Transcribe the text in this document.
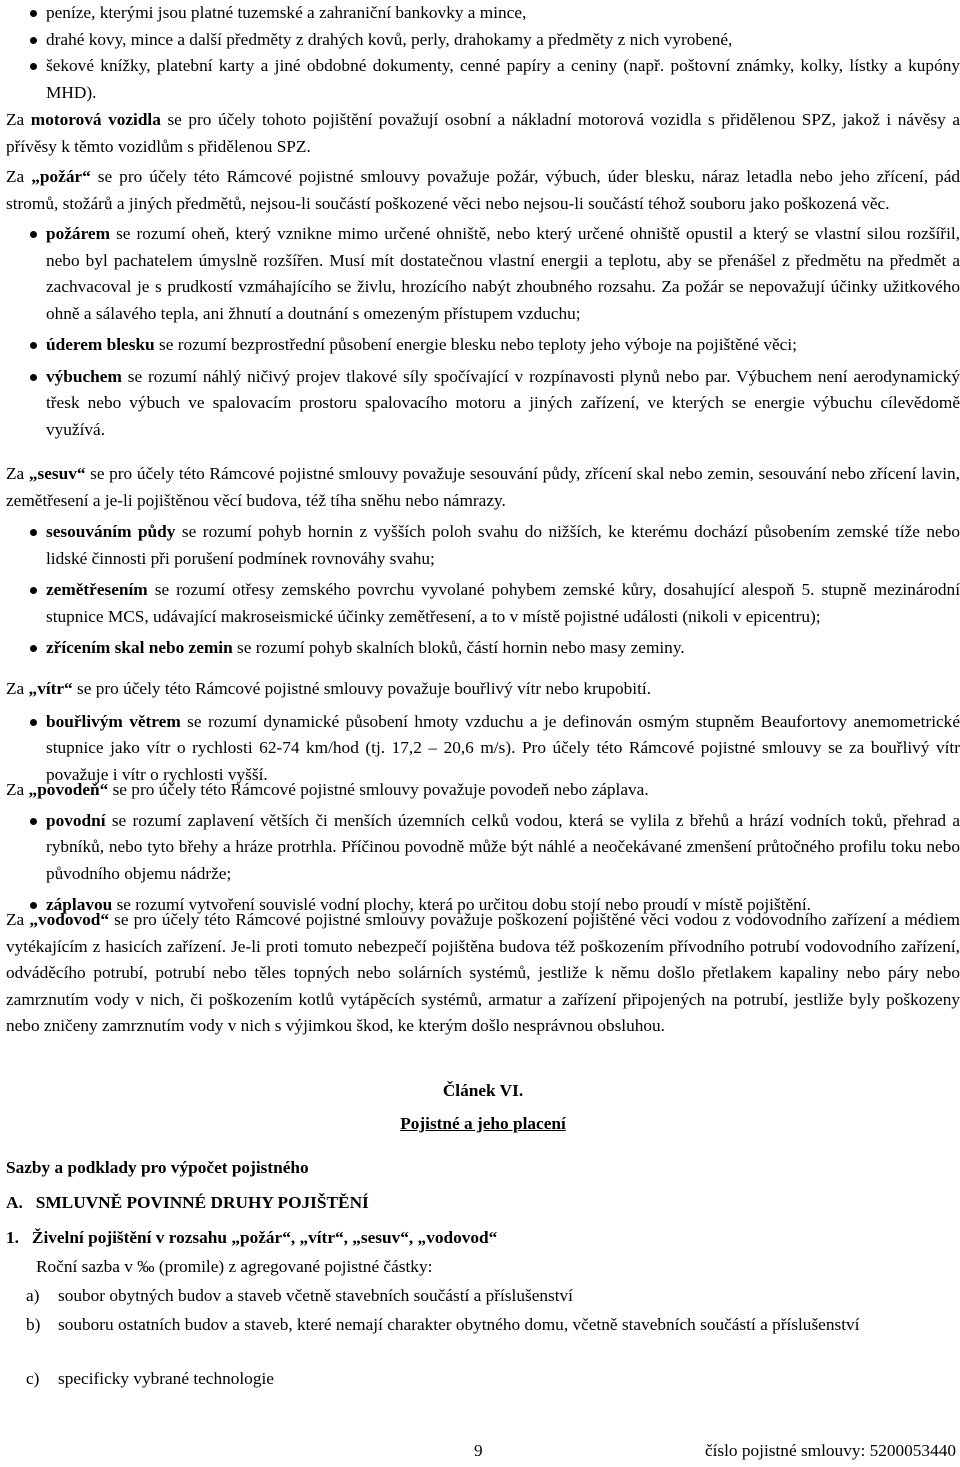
peníze, kterými jsou platné tuzemské a zahraniční bankovky a mince,
drahé kovy, mince a další předměty z drahých kovů, perly, drahokamy a předměty z nich vyrobené,
šekové knížky, platební karty a jiné obdobné dokumenty, cenné papíry a ceniny (např. poštovní známky, kolky, lístky a kupóny MHD).

Za motorová vozidla se pro účely tohoto pojištění považují osobní a nákladní motorová vozidla s přidělenou SPZ, jakož i návěsy a přívěsy k těmto vozidlům s přidělenou SPZ.

Za „požár“ se pro účely této Rámcové pojistné smlouvy považuje požár, výbuch, úder blesku, náraz letadla nebo jeho zřícení, pád stromů, stožárů a jiných předmětů, nejsou-li součástí poškozené věci nebo nejsou-li součástí téhož souboru jako poškozená věc.

požárem se rozumí oheň, který vznikne mimo určené ohniště, nebo který určené ohniště opustil a který se vlastní silou rozšířil, nebo byl pachatelem úmyslně rozšířen. Musí mít dostatečnou vlastní energii a teplotu, aby se přenášel z předmětu na předmět a zachvacoval je s prudkostí vzmáhajícího se živlu, hrozícího nabýt zhoubného rozsahu. Za požár se nepovažují účinky užitkového ohně a sálavého tepla, ani žhnutí a doutnání s omezeným přístupem vzduchu;
úderem blesku se rozumí bezprostřední působení energie blesku nebo teploty jeho výboje na pojištěné věci;
výbuchem se rozumí náhlý ničivý projev tlakové síly spočívající v rozpínavosti plynů nebo par. Výbuchem není aerodynamický třesk nebo výbuch ve spalovacím prostoru spalovacího motoru a jiných zařízení, ve kterých se energie výbuchu cílevědomě využívá.

Za „sesuv“ se pro účely této Rámcové pojistné smlouvy považuje sesouvání půdy, zřícení skal nebo zemin, sesouvání nebo zřícení lavin, zemětřesení a je-li pojištěnou věcí budova, též tíha sněhu nebo námrazy.

sesouváním půdy se rozumí pohyb hornin z vyšších poloh svahu do nižších, ke kterému dochází působením zemské tíže nebo lidské činnosti při porušení podmínek rovnováhy svahu;
zemětřesením se rozumí otřesy zemského povrchu vyvolané pohybem zemské kůry, dosahující alespoň 5. stupně mezinárodní stupnice MCS, udávající makroseismické účinky zemětřesení, a to v místě pojistné události (nikoli v epicentru);
zřícením skal nebo zemin se rozumí pohyb skalních bloků, částí hornin nebo masy zeminy.

Za „vítr“ se pro účely této Rámcové pojistné smlouvy považuje bouřlivý vítr nebo krupobití.

bouřlivým větrem se rozumí dynamické působení hmoty vzduchu a je definován osmým stupněm Beaufortovy anemometrické stupnice jako vítr o rychlosti 62-74 km/hod (tj. 17,2 – 20,6 m/s). Pro účely této Rámcové pojistné smlouvy se za bouřlivý vítr považuje i vítr o rychlosti vyšší.

Za „povodeň“ se pro účely této Rámcové pojistné smlouvy považuje povodeň nebo záplava.

povodní se rozumí zaplavení větších či menších územních celků vodou, která se vylila z břehů a hrází vodních toků, přehrad a rybníků, nebo tyto břehy a hráze protrhla. Příčinou povodně může být náhlé a neočekávané zmenšení průtočného profilu toku nebo původního objemu nádrže;
záplavou se rozumí vytvoření souvislé vodní plochy, která po určitou dobu stojí nebo proudí v místě pojištění.

Za „vodovod“ se pro účely této Rámcové pojistné smlouvy považuje poškození pojištěné věci vodou z vodovodního zařízení a médiem vytékajícím z hasicích zařízení. Je-li proti tomuto nebezpečí pojištěna budova též poškozením přívodního potrubí vodovodního zařízení, odváděcího potrubí, potrubí nebo těles topných nebo solárních systémů, jestliže k němu došlo přetlakem kapaliny nebo páry nebo zamrznutím vody v nich, či poškozením kotlů vytápěcích systémů, armatur a zařízení připojených na potrubí, jestliže byly poškozeny nebo zničeny zamrznutím vody v nich s výjimkou škod, ke kterým došlo nesprávnou obsluhou.

Článek VI.
Pojistné a jeho placení
Sazby a podklady pro výpočet pojistného
A.   SMLUVNĚ POVINNÉ DRUHY POJIŠTĚNÍ
1.   Živelní pojištění v rozsahu „požár“, „vítr“, „sesuv“, „vodovod“
Roční sazba v ‰ (promile) z agregované pojistné částky:
a) soubor obytných budov a staveb včetně stavebních součástí a příslušenství
b) souboru ostatních budov a staveb, které nemají charakter obytného domu, včetně stavebních součástí a příslušenství
c) specificky vybrané technologie
9	číslo pojistné smlouvy: 5200053440
